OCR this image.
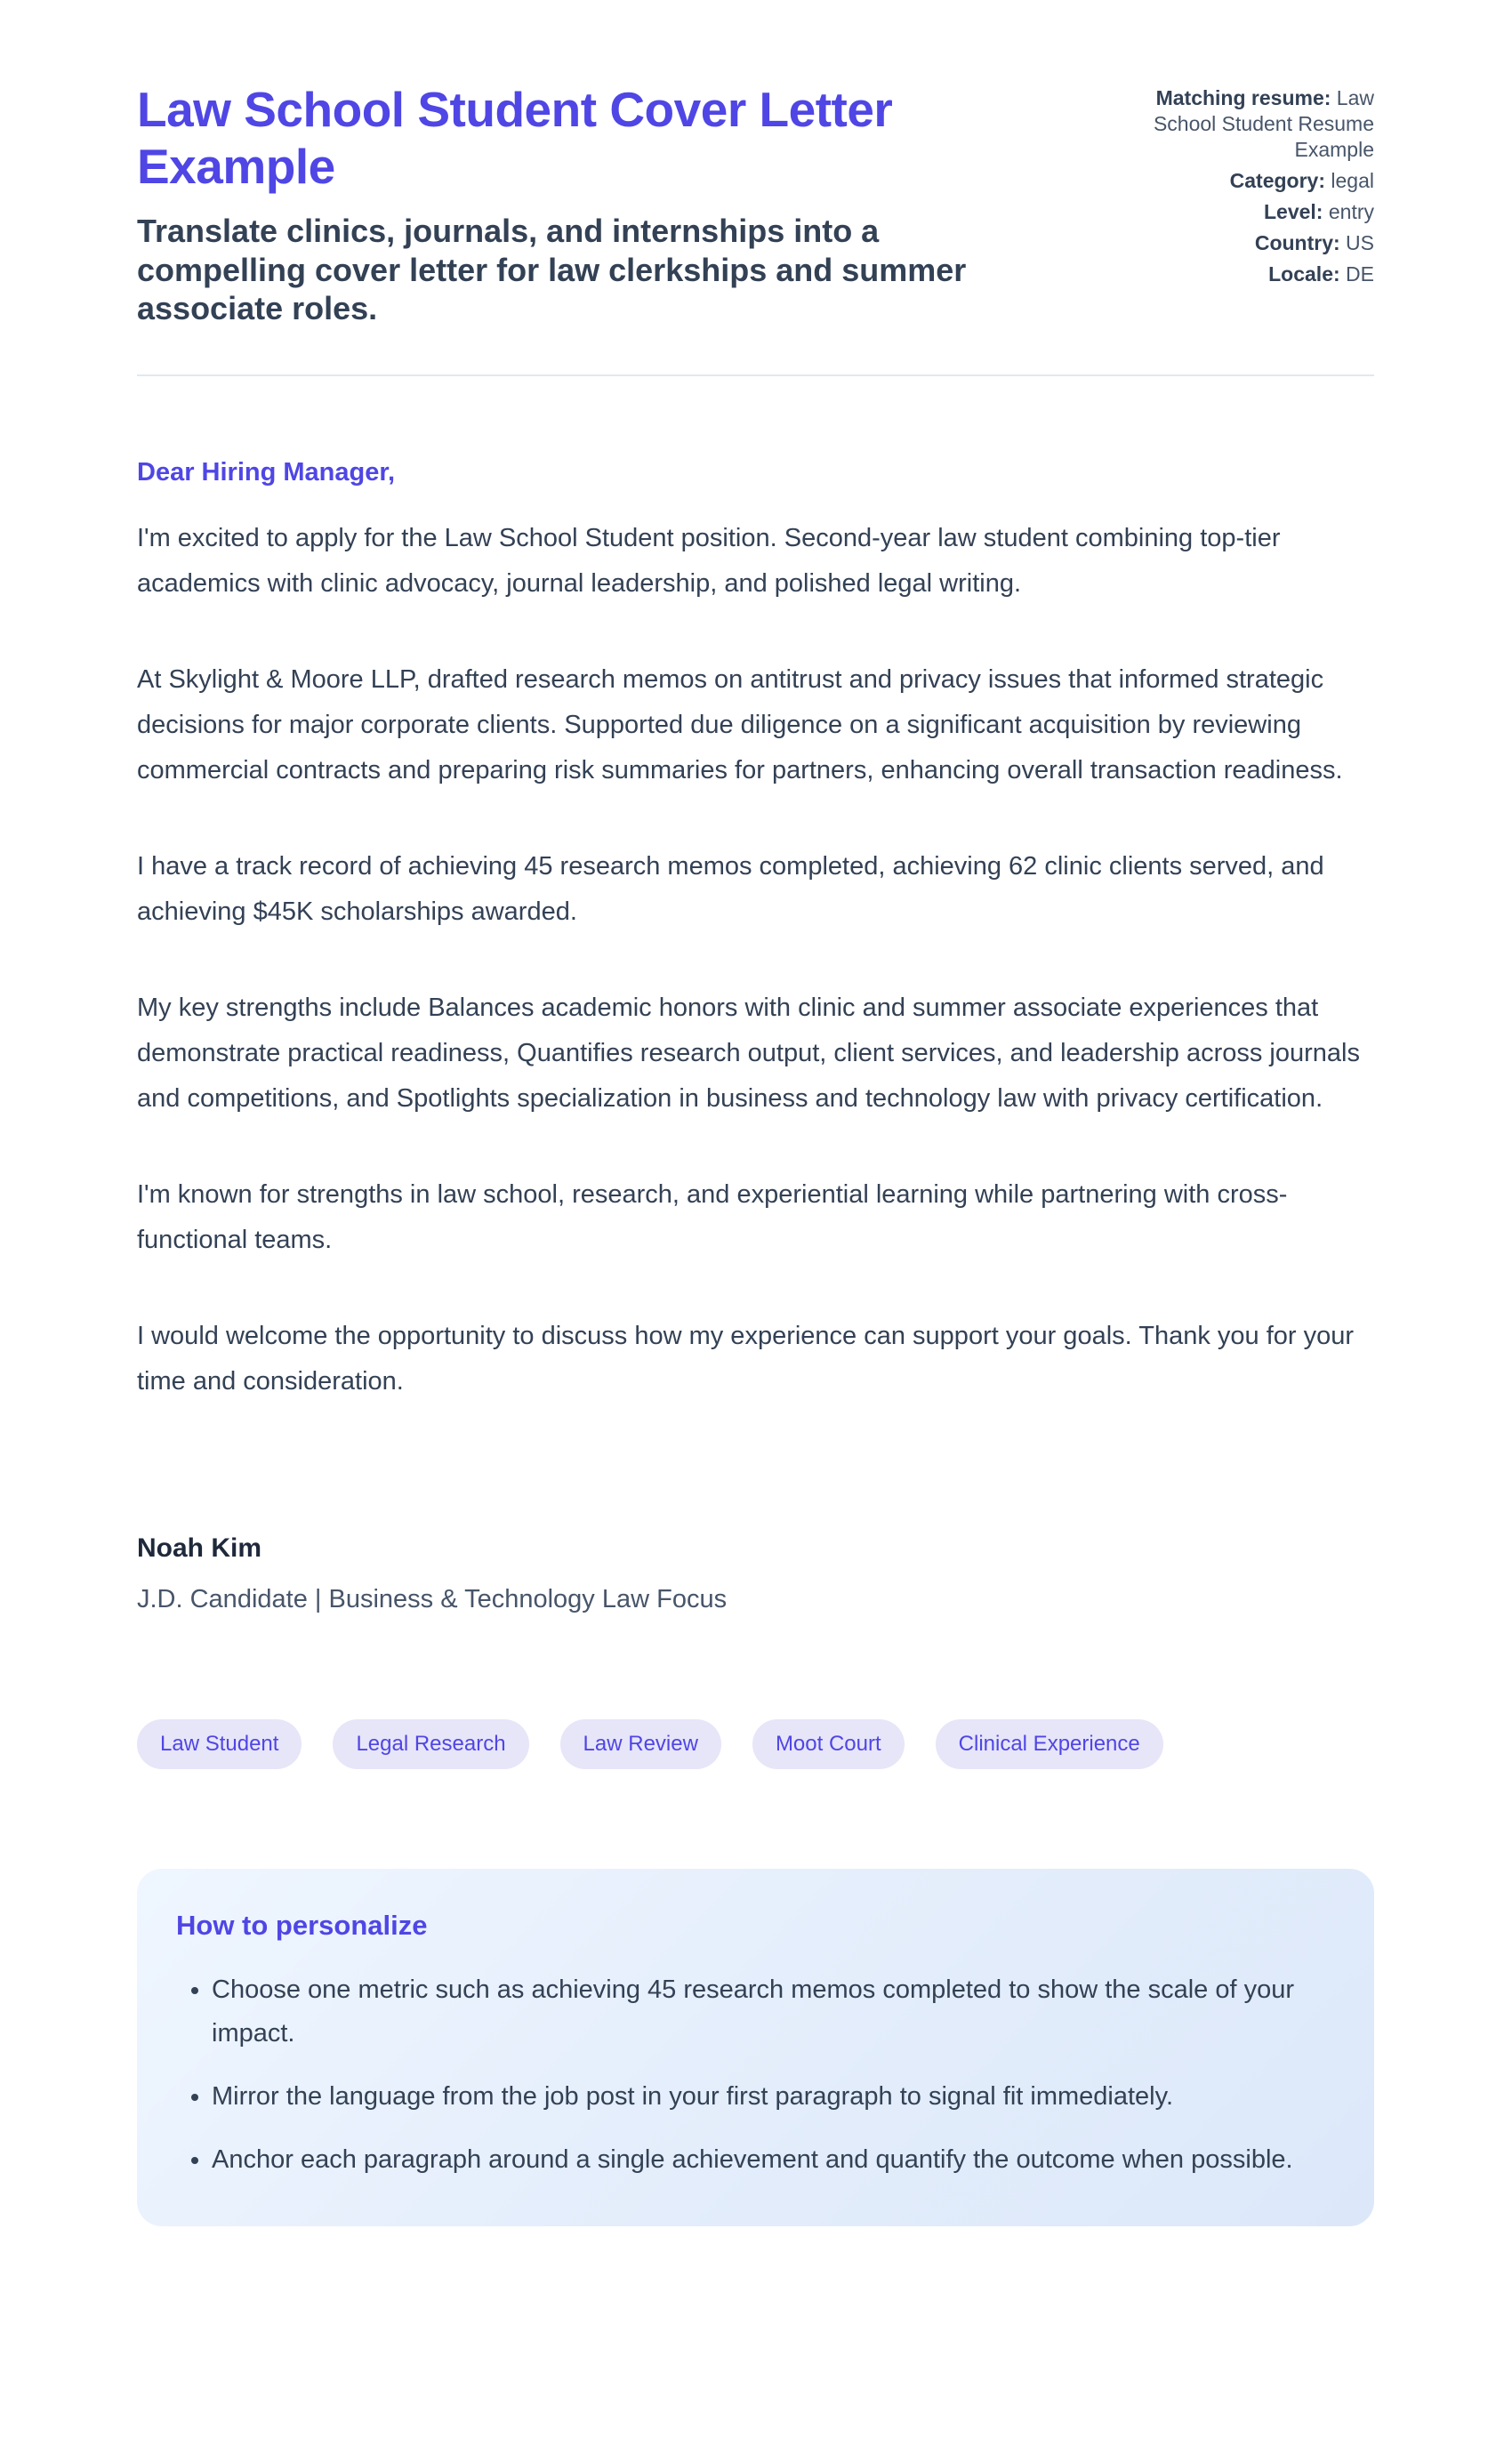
Law School Student Cover Letter Example

Translate clinics, journals, and internships into a compelling cover letter for law clerkships and summer associate roles.

Matching resume: Law School Student Resume Example
Category: legal
Level: entry
Country: US
Locale: DE

Dear Hiring Manager,

I'm excited to apply for the Law School Student position. Second-year law student combining top-tier academics with clinic advocacy, journal leadership, and polished legal writing.

At Skylight & Moore LLP, drafted research memos on antitrust and privacy issues that informed strategic decisions for major corporate clients. Supported due diligence on a significant acquisition by reviewing commercial contracts and preparing risk summaries for partners, enhancing overall transaction readiness.

I have a track record of achieving 45 research memos completed, achieving 62 clinic clients served, and achieving $45K scholarships awarded.

My key strengths include Balances academic honors with clinic and summer associate experiences that demonstrate practical readiness, Quantifies research output, client services, and leadership across journals and competitions, and Spotlights specialization in business and technology law with privacy certification.

I'm known for strengths in law school, research, and experiential learning while partnering with cross-functional teams.

I would welcome the opportunity to discuss how my experience can support your goals. Thank you for your time and consideration.

Noah Kim

J.D. Candidate | Business & Technology Law Focus

Law Student	Legal Research	Law Review	Moot Court	Clinical Experience
How to personalize
• Choose one metric such as achieving 45 research memos completed to show the scale of your impact.
• Mirror the language from the job post in your first paragraph to signal fit immediately.
• Anchor each paragraph around a single achievement and quantify the outcome when possible.
